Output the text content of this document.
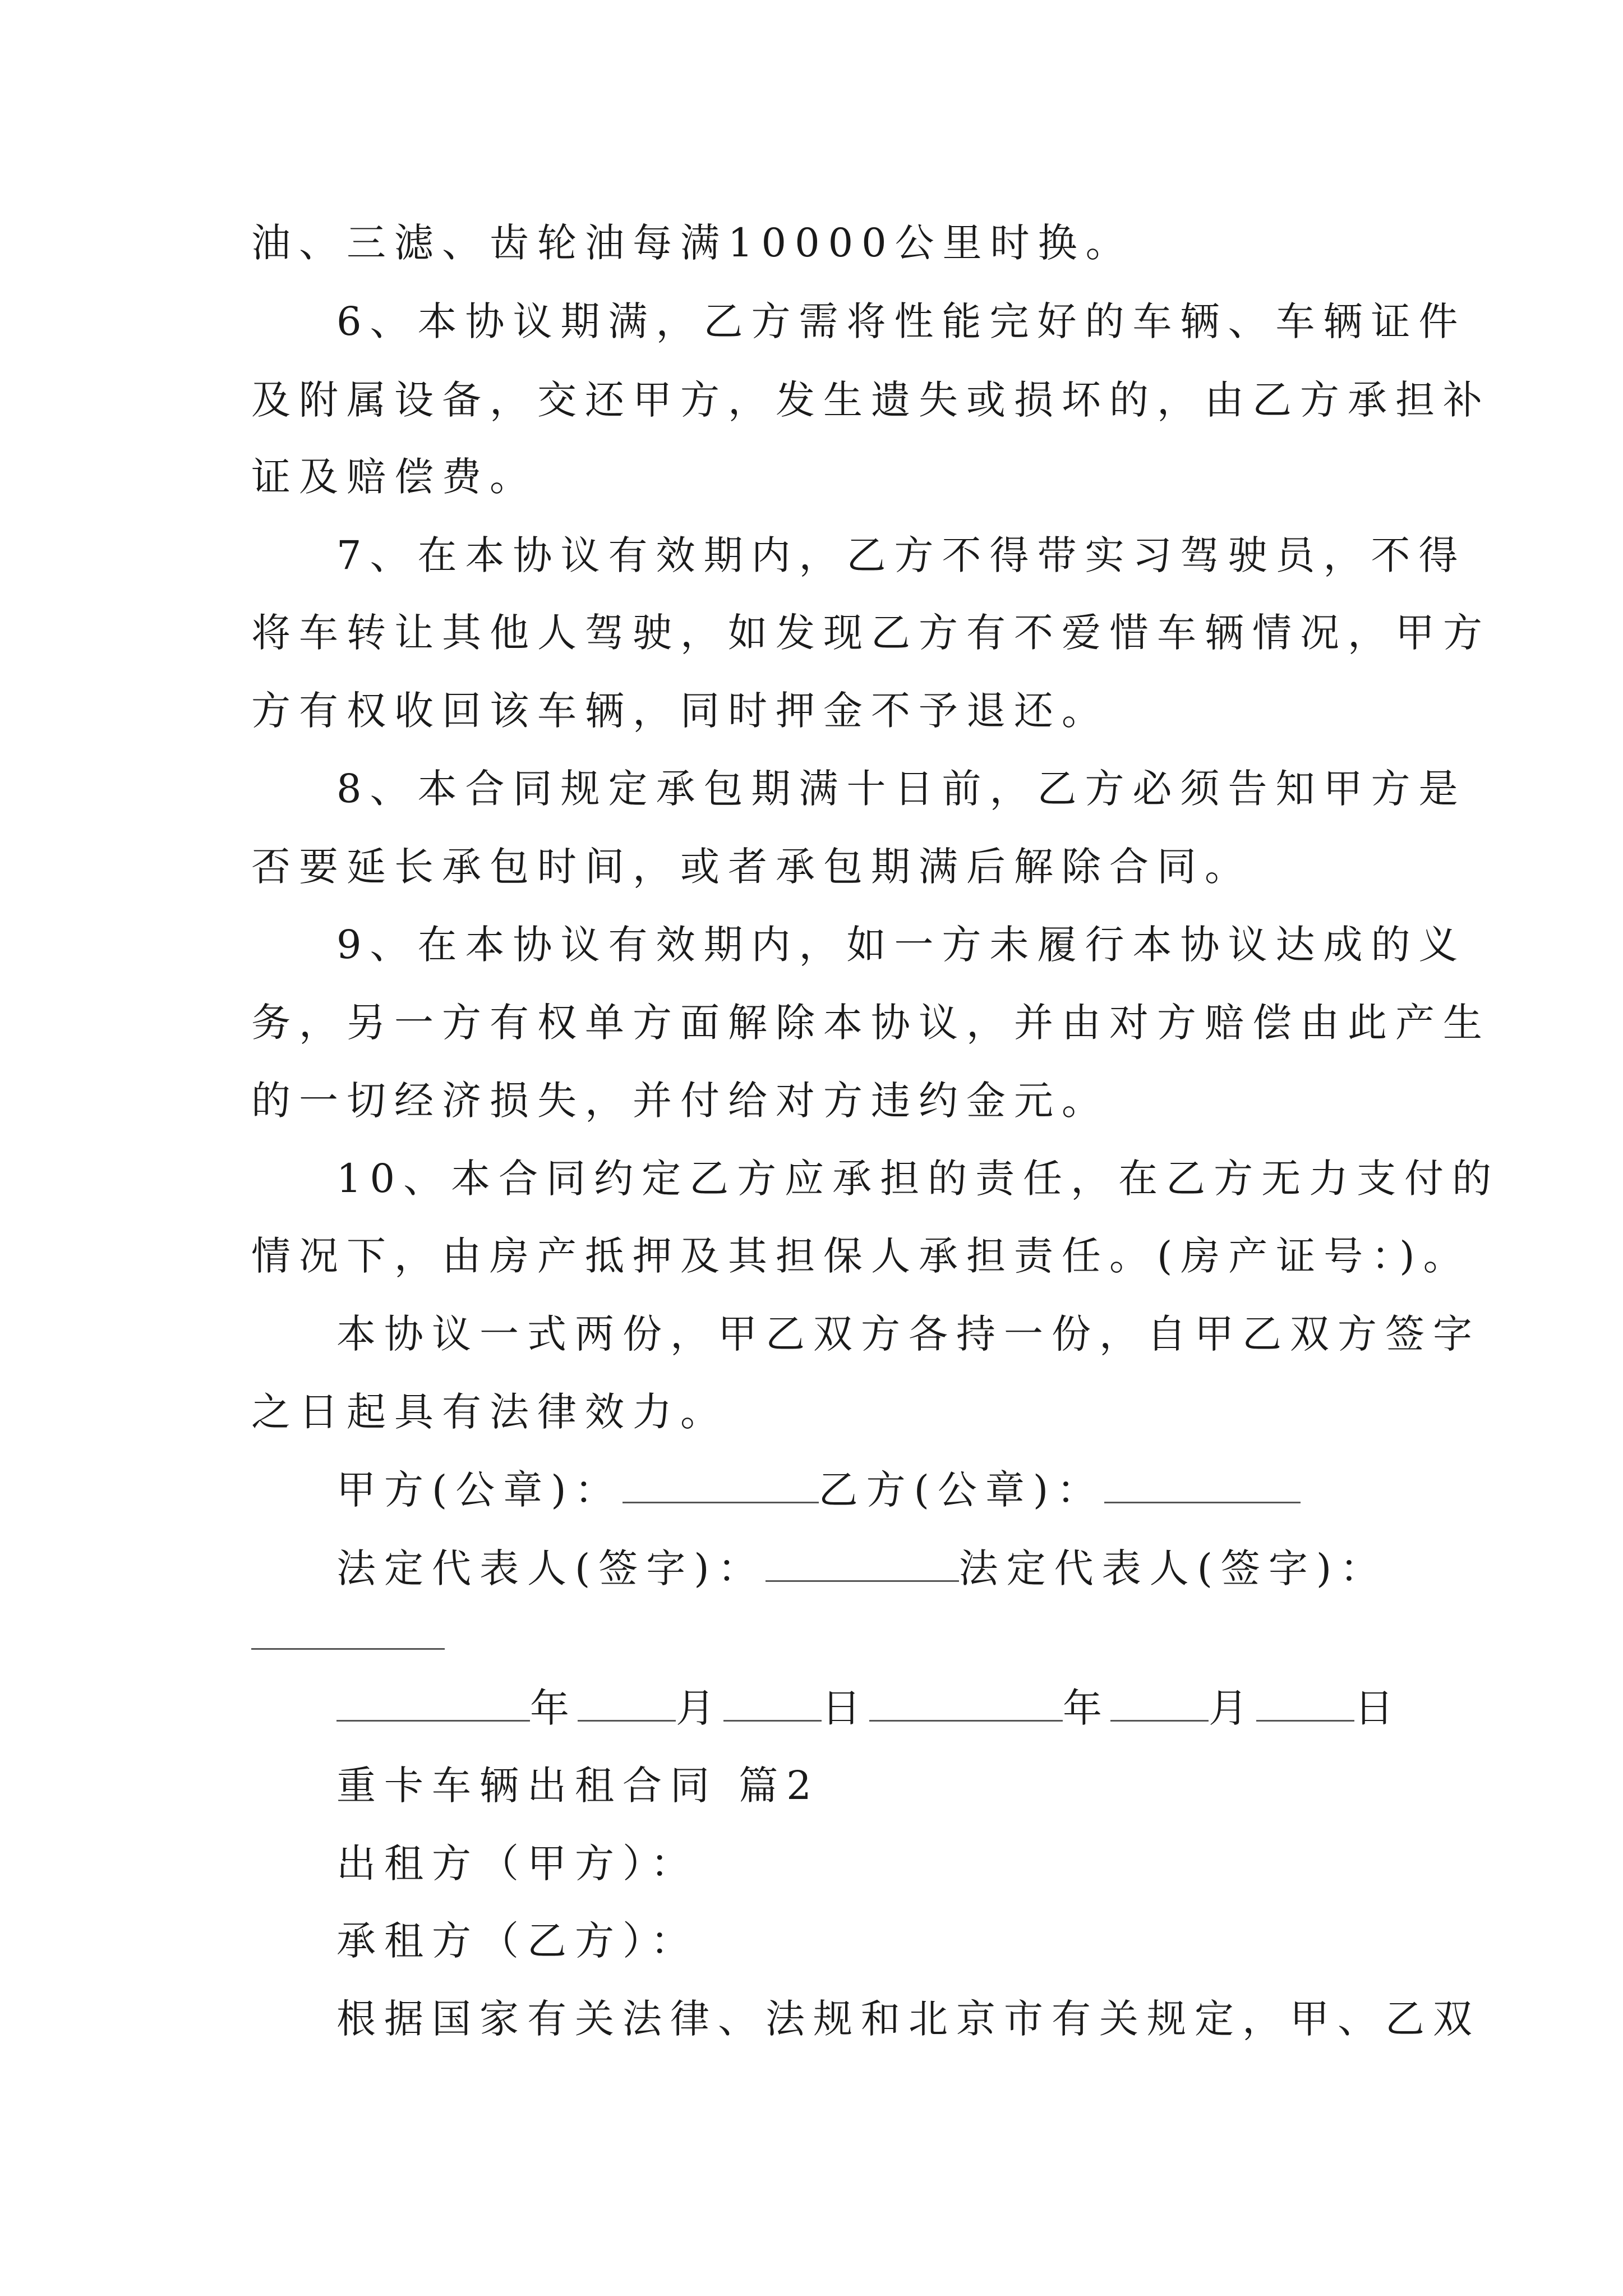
油、三滤、齿轮油每满10000公里时换。
6、本协议期满，乙方需将性能完好的车辆、车辆证件
及附属设备，交还甲方，发生遗失或损坏的，由乙方承担补
证及赔偿费。
7、在本协议有效期内，乙方不得带实习驾驶员，不得
将车转让其他人驾驶，如发现乙方有不爱惜车辆情况，甲方
方有权收回该车辆，同时押金不予退还。
8、本合同规定承包期满十日前，乙方必须告知甲方是
否要延长承包时间，或者承包期满后解除合同。
9、在本协议有效期内，如一方未履行本协议达成的义
务，另一方有权单方面解除本协议，并由对方赔偿由此产生
的一切经济损失，并付给对方违约金元。
10、本合同约定乙方应承担的责任，在乙方无力支付的
情况下，由房产抵押及其担保人承担责任。(房产证号：)。
本协议一式两份，甲乙双方各持一份，自甲乙双方签字
之日起具有法律效力。
甲方(公章)：	乙方(公章)：
法定代表人(签字)：	法定代表人(签字)：
年	月	日	年	月	日
重卡车辆出租合同 篇2
出租方（甲方）：
承租方（乙方）：
根据国家有关法律、法规和北京市有关规定，甲、乙双
